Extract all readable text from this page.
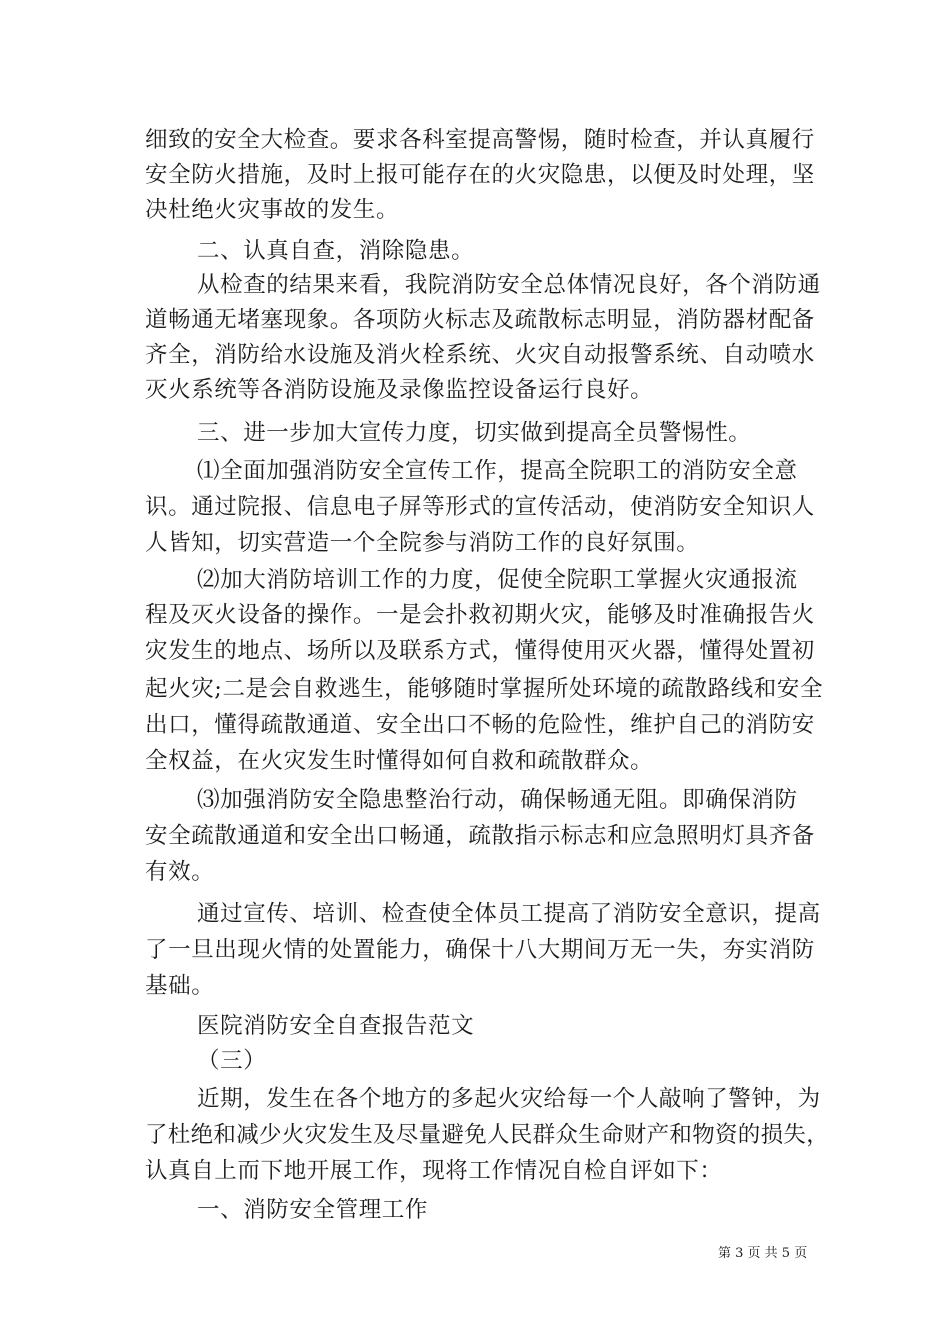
细致的安全大检查。要求各科室提高警惕，随时检查，并认真履行
安全防火措施，及时上报可能存在的火灾隐患，以便及时处理，坚
决杜绝火灾事故的发生。
二、认真自查，消除隐患。
从检查的结果来看，我院消防安全总体情况良好，各个消防通
道畅通无堵塞现象。各项防火标志及疏散标志明显，消防器材配备
齐全，消防给水设施及消火栓系统、火灾自动报警系统、自动喷水
灭火系统等各消防设施及录像监控设备运行良好。
三、进一步加大宣传力度，切实做到提高全员警惕性。
⑴全面加强消防安全宣传工作，提高全院职工的消防安全意
识。通过院报、信息电子屏等形式的宣传活动，使消防安全知识人
人皆知，切实营造一个全院参与消防工作的良好氛围。
⑵加大消防培训工作的力度，促使全院职工掌握火灾通报流
程及灭火设备的操作。一是会扑救初期火灾，能够及时准确报告火
灾发生的地点、场所以及联系方式，懂得使用灭火器，懂得处置初
起火灾;二是会自救逃生，能够随时掌握所处环境的疏散路线和安全
出口，懂得疏散通道、安全出口不畅的危险性，维护自己的消防安
全权益，在火灾发生时懂得如何自救和疏散群众。
⑶加强消防安全隐患整治行动，确保畅通无阻。即确保消防
安全疏散通道和安全出口畅通，疏散指示标志和应急照明灯具齐备
有效。
通过宣传、培训、检查使全体员工提高了消防安全意识，提高
了一旦出现火情的处置能力，确保十八大期间万无一失，夯实消防
基础。
医院消防安全自查报告范文
（三）
近期，发生在各个地方的多起火灾给每一个人敲响了警钟，为
了杜绝和减少火灾发生及尽量避免人民群众生命财产和物资的损失，
认真自上而下地开展工作，现将工作情况自检自评如下：
一、消防安全管理工作
第 3 页 共 5 页
